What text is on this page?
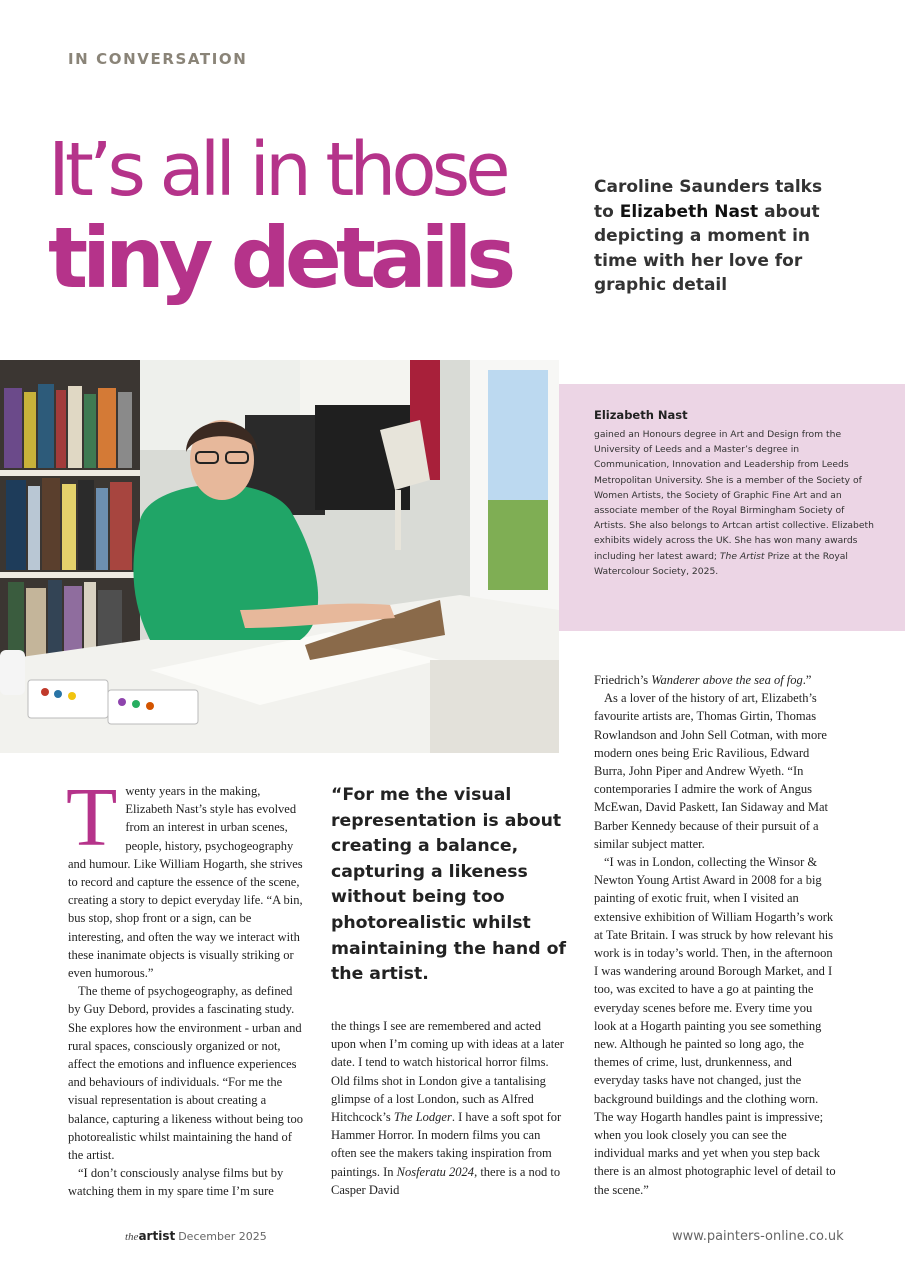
IN CONVERSATION
It’s all in those
tiny details
Caroline Saunders talks to Elizabeth Nast about depicting a moment in time with her love for graphic detail
Elizabeth Nast
gained an Honours degree in Art and Design from the University of Leeds and a Master’s degree in Communication, Innovation and Leadership from Leeds Metropolitan University. She is a member of the Society of Women Artists, the Society of Graphic Fine Art and an associate member of the Royal Birmingham Society of Artists. She also belongs to Artcan artist collective. Elizabeth exhibits widely across the UK. She has won many awards including her latest award; The Artist Prize at the Royal Watercolour Society, 2025.

Twenty years in the making, Elizabeth Nast’s style has evolved from an interest in urban scenes, people, history, psychogeography and humour. Like William Hogarth, she strives to record and capture the essence of the scene, creating a story to depict everyday life. “A bin, bus stop, shop front or a sign, can be interesting, and often the way we interact with these inanimate objects is visually striking or even humorous.”

The theme of psychogeography, as defined by Guy Debord, provides a fascinating study. She explores how the environment - urban and rural spaces, consciously organized or not, affect the emotions and influence experiences and behaviours of individuals. “For me the visual representation is about creating a balance, capturing a likeness without being too photorealistic whilst maintaining the hand of the artist.

“I don’t consciously analyse films but by watching them in my spare time I’m sure

“For me the visual representation is about creating a balance, capturing a likeness without being too photorealistic whilst maintaining the hand of the artist.

the things I see are remembered and acted upon when I’m coming up with ideas at a later date. I tend to watch historical horror films. Old films shot in London give a tantalising glimpse of a lost London, such as Alfred Hitchcock’s The Lodger. I have a soft spot for Hammer Horror. In modern films you can often see the makers taking inspiration from paintings. In Nosferatu 2024, there is a nod to Casper David

Friedrich’s Wanderer above the sea of fog.”

As a lover of the history of art, Elizabeth’s favourite artists are, Thomas Girtin, Thomas Rowlandson and John Sell Cotman, with more modern ones being Eric Ravilious, Edward Burra, John Piper and Andrew Wyeth. “In contemporaries I admire the work of Angus McEwan, David Paskett, Ian Sidaway and Mat Barber Kennedy because of their pursuit of a similar subject matter.

“I was in London, collecting the Winsor & Newton Young Artist Award in 2008 for a big painting of exotic fruit, when I visited an extensive exhibition of William Hogarth’s work at Tate Britain. I was struck by how relevant his work is in today’s world. Then, in the afternoon I was wandering around Borough Market, and I too, was excited to have a go at painting the everyday scenes before me. Every time you look at a Hogarth painting you see something new. Although he painted so long ago, the themes of crime, lust, drunkenness, and everyday tasks have not changed, just the background buildings and the clothing worn. The way Hogarth handles paint is impressive; when you look closely you can see the individual marks and yet when you step back there is an almost photographic level of detail to the scene.”

theartist December 2025	www.painters-online.co.uk
